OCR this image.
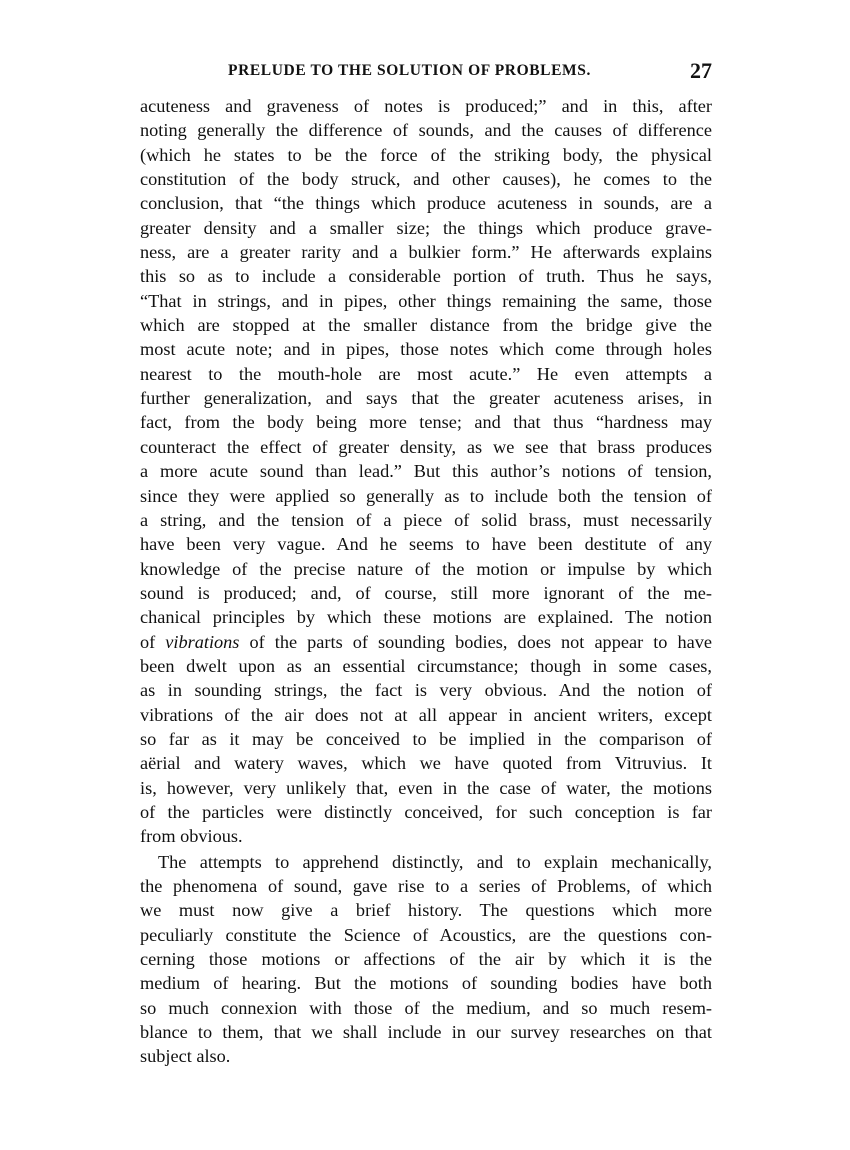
PRELUDE TO THE SOLUTION OF PROBLEMS.	27
acuteness and graveness of notes is produced;” and in this, after
noting generally the difference of sounds, and the causes of difference
(which he states to be the force of the striking body, the physical
constitution of the body struck, and other causes), he comes to the
conclusion, that “the things which produce acuteness in sounds, are a
greater density and a smaller size; the things which produce grave-
ness, are a greater rarity and a bulkier form.” He afterwards explains
this so as to include a considerable portion of truth. Thus he says,
“That in strings, and in pipes, other things remaining the same, those
which are stopped at the smaller distance from the bridge give the
most acute note; and in pipes, those notes which come through holes
nearest to the mouth-hole are most acute.” He even attempts a
further generalization, and says that the greater acuteness arises, in
fact, from the body being more tense; and that thus “hardness may
counteract the effect of greater density, as we see that brass produces
a more acute sound than lead.” But this author’s notions of tension,
since they were applied so generally as to include both the tension of
a string, and the tension of a piece of solid brass, must necessarily
have been very vague. And he seems to have been destitute of any
knowledge of the precise nature of the motion or impulse by which
sound is produced; and, of course, still more ignorant of the me-
chanical principles by which these motions are explained. The notion
of vibrations of the parts of sounding bodies, does not appear to have
been dwelt upon as an essential circumstance; though in some cases,
as in sounding strings, the fact is very obvious. And the notion of
vibrations of the air does not at all appear in ancient writers, except
so far as it may be conceived to be implied in the comparison of
aërial and watery waves, which we have quoted from Vitruvius. It
is, however, very unlikely that, even in the case of water, the motions
of the particles were distinctly conceived, for such conception is far
from obvious.
The attempts to apprehend distinctly, and to explain mechanically,
the phenomena of sound, gave rise to a series of Problems, of which
we must now give a brief history. The questions which more
peculiarly constitute the Science of Acoustics, are the questions con-
cerning those motions or affections of the air by which it is the
medium of hearing. But the motions of sounding bodies have both
so much connexion with those of the medium, and so much resem-
blance to them, that we shall include in our survey researches on that
subject also.
